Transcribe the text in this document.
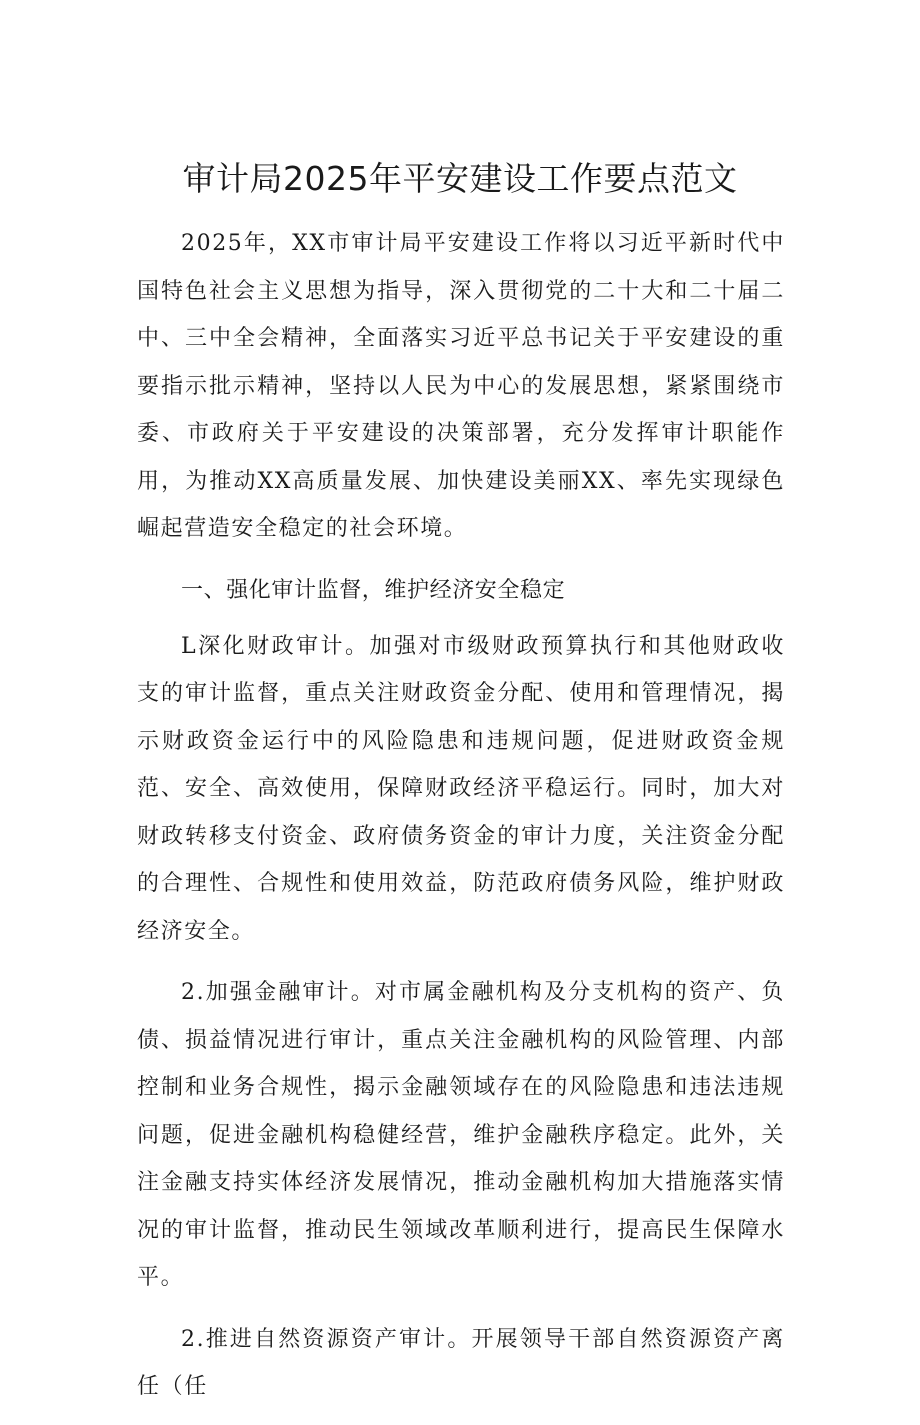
审计局2025年平安建设工作要点范文

2025年，XX市审计局平安建设工作将以习近平新时代中国特色社会主义思想为指导，深入贯彻党的二十大和二十届二中、三中全会精神，全面落实习近平总书记关于平安建设的重要指示批示精神，坚持以人民为中心的发展思想，紧紧围绕市委、市政府关于平安建设的决策部署，充分发挥审计职能作用，为推动XX高质量发展、加快建设美丽XX、率先实现绿色崛起营造安全稳定的社会环境。

一、强化审计监督，维护经济安全稳定

L深化财政审计。加强对市级财政预算执行和其他财政收支的审计监督，重点关注财政资金分配、使用和管理情况，揭示财政资金运行中的风险隐患和违规问题，促进财政资金规范、安全、高效使用，保障财政经济平稳运行。同时，加大对财政转移支付资金、政府债务资金的审计力度，关注资金分配的合理性、合规性和使用效益，防范政府债务风险，维护财政经济安全。

2.加强金融审计。对市属金融机构及分支机构的资产、负债、损益情况进行审计，重点关注金融机构的风险管理、内部控制和业务合规性，揭示金融领域存在的风险隐患和违法违规问题，促进金融机构稳健经营，维护金融秩序稳定。此外，关注金融支持实体经济发展情况，推动金融机构加大措施落实情况的审计监督，推动民生领域改革顺利进行，提高民生保障水平。

2.推进自然资源资产审计。开展领导干部自然资源资产离任（任
